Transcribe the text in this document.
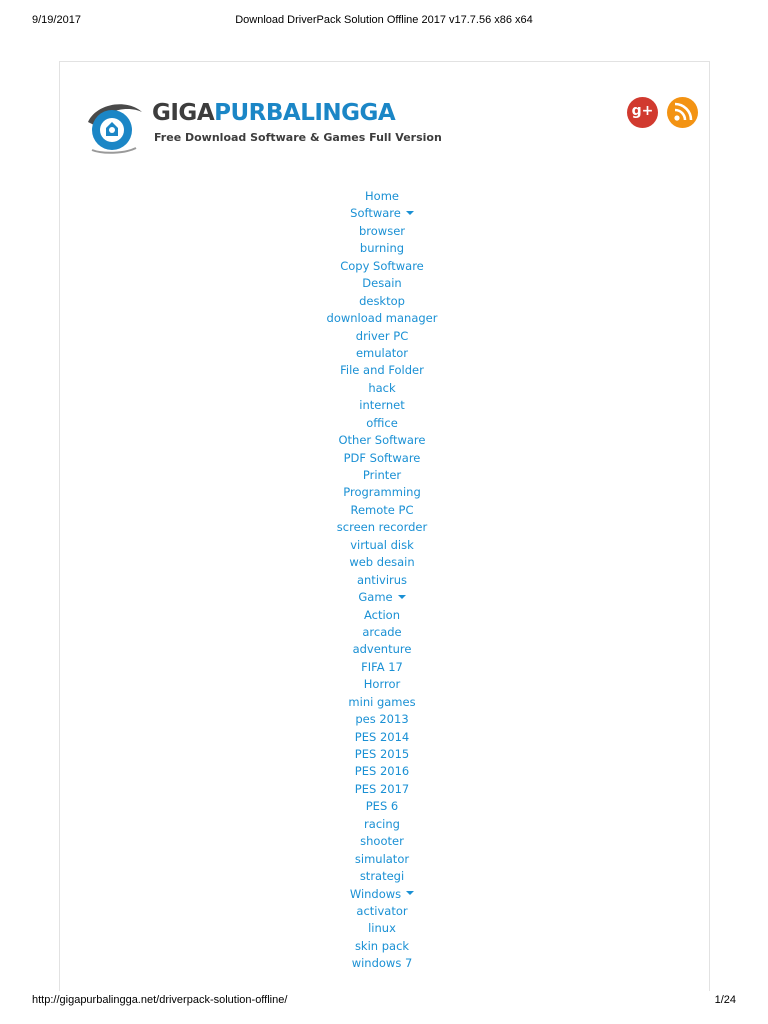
9/19/2017	Download DriverPack Solution Offline 2017 v17.7.56 x86 x64
GIGAPURBALINGGA
Free Download Software & Games Full Version
g+
Home
Software
browser
burning
Copy Software
Desain
desktop
download manager
driver PC
emulator
File and Folder
hack
internet
office
Other Software
PDF Software
Printer
Programming
Remote PC
screen recorder
virtual disk
web desain
antivirus
Game
Action
arcade
adventure
FIFA 17
Horror
mini games
pes 2013
PES 2014
PES 2015
PES 2016
PES 2017
PES 6
racing
shooter
simulator
strategi
Windows
activator
linux
skin pack
windows 7
http://gigapurbalingga.net/driverpack-solution-offline/	1/24
